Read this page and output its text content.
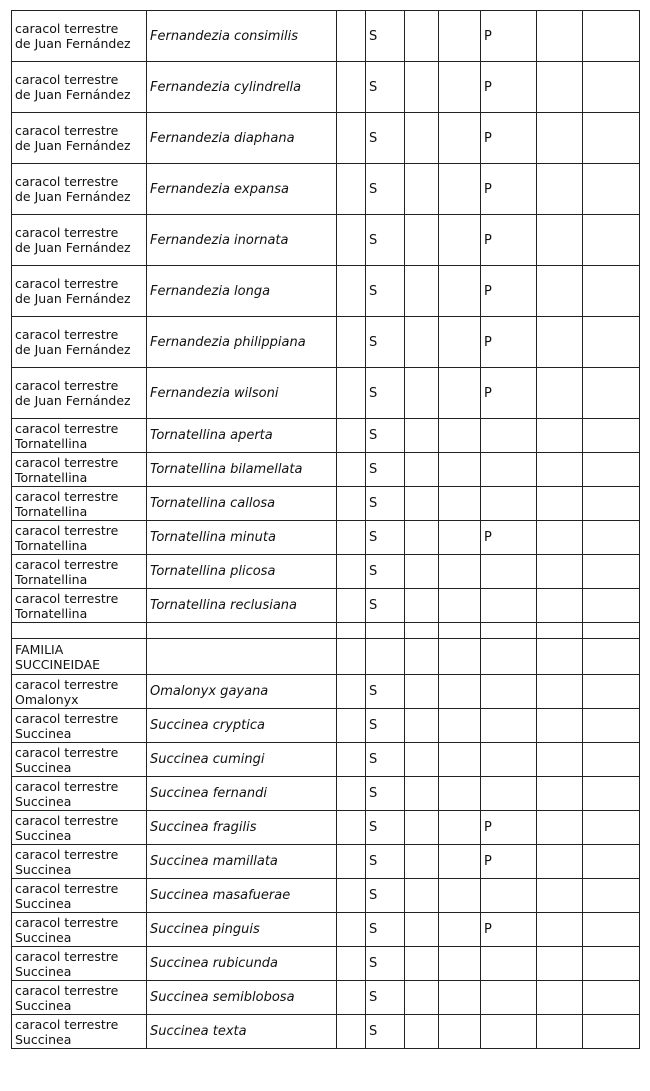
caracol terrestre
de Juan Fernández	Fernandezia consimilis		S			P		
caracol terrestre
de Juan Fernández	Fernandezia cylindrella		S			P		
caracol terrestre
de Juan Fernández	Fernandezia diaphana		S			P		
caracol terrestre
de Juan Fernández	Fernandezia expansa		S			P		
caracol terrestre
de Juan Fernández	Fernandezia inornata		S			P		
caracol terrestre
de Juan Fernández	Fernandezia longa		S			P		
caracol terrestre
de Juan Fernández	Fernandezia philippiana		S			P		
caracol terrestre
de Juan Fernández	Fernandezia wilsoni		S			P		
caracol terrestre
Tornatellina	Tornatellina aperta		S					
caracol terrestre
Tornatellina	Tornatellina bilamellata		S					
caracol terrestre
Tornatellina	Tornatellina callosa		S					
caracol terrestre
Tornatellina	Tornatellina minuta		S			P		
caracol terrestre
Tornatellina	Tornatellina plicosa		S					
caracol terrestre
Tornatellina	Tornatellina reclusiana		S					

FAMILIA
SUCCINEIDAE								
caracol terrestre
Omalonyx	Omalonyx gayana		S					
caracol terrestre
Succinea	Succinea cryptica		S					
caracol terrestre
Succinea	Succinea cumingi		S					
caracol terrestre
Succinea	Succinea fernandi		S					
caracol terrestre
Succinea	Succinea fragilis		S			P		
caracol terrestre
Succinea	Succinea mamillata		S			P		
caracol terrestre
Succinea	Succinea masafuerae		S					
caracol terrestre
Succinea	Succinea pinguis		S			P		
caracol terrestre
Succinea	Succinea rubicunda		S					
caracol terrestre
Succinea	Succinea semiblobosa		S					
caracol terrestre
Succinea	Succinea texta		S					
